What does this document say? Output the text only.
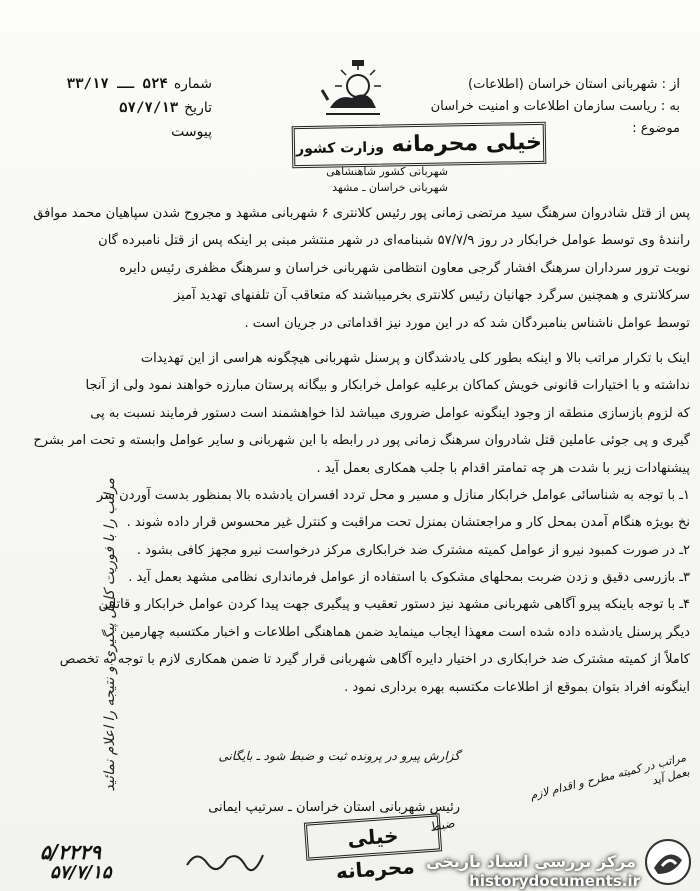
شماره
۵۲۴ ــ ۳۳/۱۷
تاریخ
۵۷/۷/۱۳
پیوست
از : شهربانی استان خراسان (اطلاعات)
به : ریاست سازمان اطلاعات و امنیت خراسان
موضوع :
خیلی محرمانه وزارت کشور
شهربانی کشور شاهنشاهی
شهربانی خراسان ـ مشهد

پس از قتل شادروان سرهنگ سید مرتضی زمانی پور رئیس کلانتری ۶ شهربانی مشهد و مجروح شدن سپاهیان محمد موافق

رانندهٔ وی توسط عوامل خرابکار در روز ۵۷/۷/۹ شبنامه‌ای در شهر منتشر مبنی بر اینکه پس از قتل نامبرده گان

نوبت ترور سرداران سرهنگ افشار گرجی معاون انتظامی شهربانی خراسان و سرهنگ مظفری رئیس دایره

سرکلانتری و همچنین سرگرد جهانیان رئیس کلانتری بخرمیباشند که متعاقب آن تلفنهای تهدید آمیز

توسط عوامل ناشناس بنامبردگان شد که در این مورد نیز اقداماتی در جریان است .

اینک با تکرار مراتب بالا و اینکه بطور کلی یادشدگان و پرسنل شهربانی هیچگونه هراسی از این تهدیدات

نداشته و با اختیارات قانونی خویش کماکان برعلیه عوامل خرابکار و بیگانه پرستان مبارزه خواهند نمود ولی از آنجا

که لزوم بازسازی منطقه از وجود اینگونه عوامل ضروری میباشد لذا خواهشمند است دستور فرمایند نسبت به پی

گیری و پی جوئی عاملین قتل شادروان سرهنگ زمانی پور در رابطه با این شهربانی و سایر عوامل وابسته و تحت امر بشرح

پیشنهادات زیر با شدت هر چه تمامتر اقدام با جلب همکاری بعمل آید .

۱ـ با توجه به شناسائی عوامل خرابکار منازل و مسیر و محل تردد افسران یادشده بالا بمنظور بدست آوردن سر

نخ بویژه هنگام آمدن بمحل کار و مراجعتشان بمنزل تحت مراقبت و کنترل غیر محسوس قرار داده شوند .

۲ـ در صورت کمبود نیرو از عوامل کمیته مشترک ضد خرابکاری مرکز درخواست نیرو مجهز کافی بشود .

۳ـ بازرسی دقیق و زدن ضربت بمحلهای مشکوک با استفاده از عوامل فرمانداری نظامی مشهد بعمل آید .

۴ـ با توجه باینکه پیرو آگاهی شهربانی مشهد نیز دستور تعقیب و پیگیری جهت پیدا کردن عوامل خرابکار و قاتلین

دیگر پرسنل یادشده داده شده است معهذا ایجاب مینماید ضمن هماهنگی اطلاعات و اخبار مکتسبه چهارمین

کاملاً از کمیته مشترک ضد خرابکاری در اختیار دایره آگاهی شهربانی قرار گیرد تا ضمن همکاری لازم با توجه به تخصص

اینگونه افراد بتوان بموقع از اطلاعات مکتسبه بهره برداری نمود .

مراتب را با فوریت کامل پیگیری و نتیجه را اعلام نمائید	گزارش پیرو در پرونده ثبت و ضبط شود ـ بایگانی
رئیس شهربانی استان خراسان ـ سرتیپ ایمانی
مراتب در کمیته مطرح و اقدام لازم بعمل آید
خیلی محرمانه
ضبط
۵/۲۲۲۹
۵۷/۷/۱۵
مرکز بررسی اسناد تاریخی
historydocuments.ir
